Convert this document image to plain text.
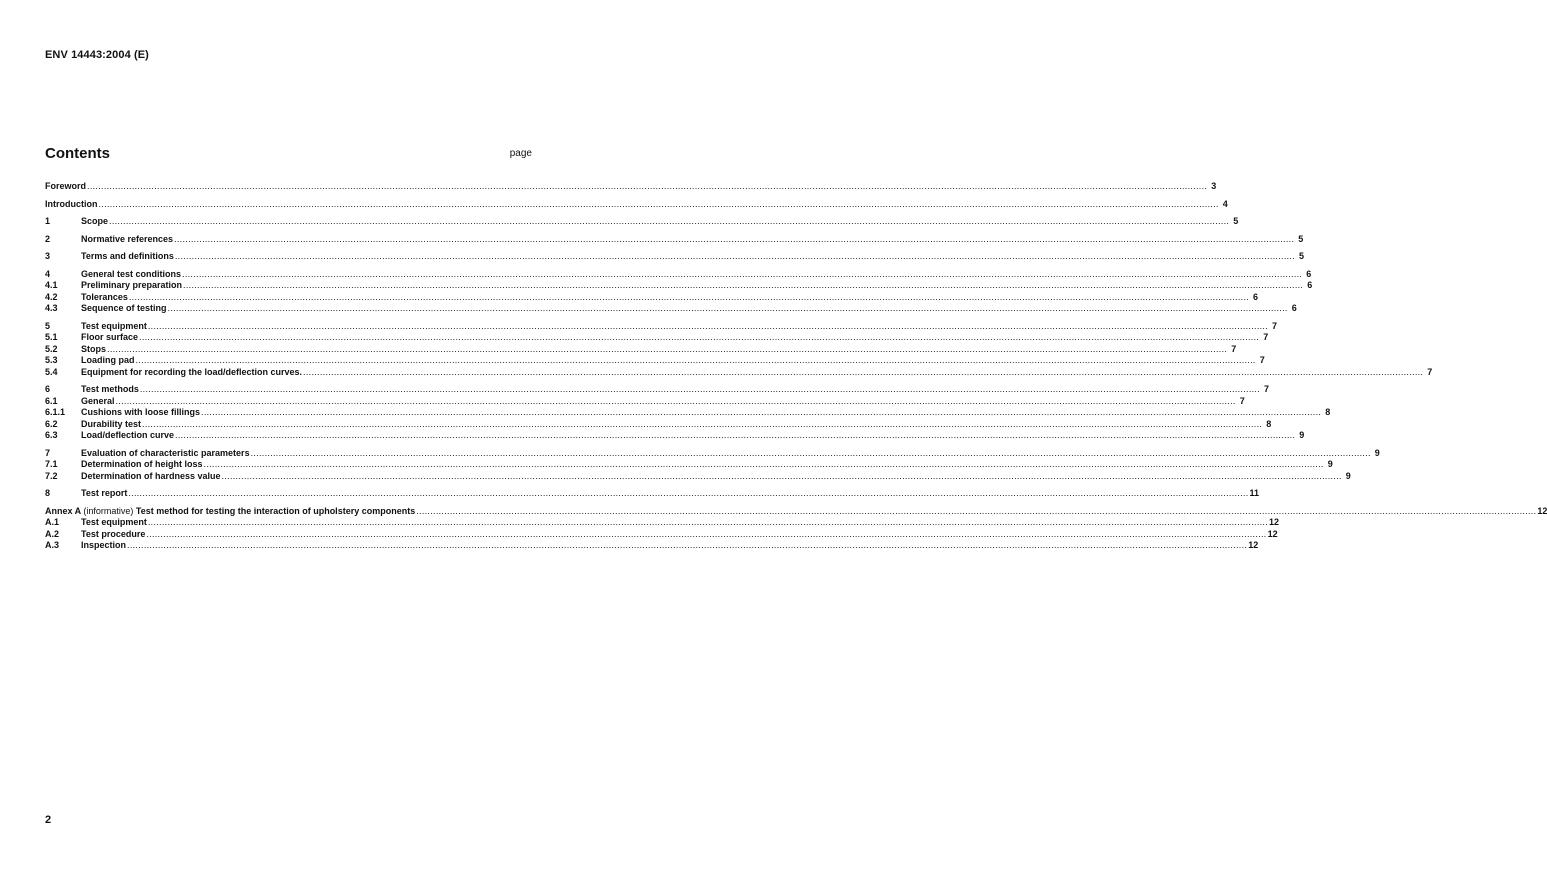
ENV 14443:2004 (E)
Contents	page
Foreword ................................................................................................................................................................................................................................................................................................................................................................................................................ 3
Introduction ................................................................................................................................................................................................................................................................................................................................................................................................................ 4
1	Scope ................................................................................................................................................................................................................................................................................................................................................................................................................ 5
2	Normative references ................................................................................................................................................................................................................................................................................................................................................................................................................ 5
3	Terms and definitions ................................................................................................................................................................................................................................................................................................................................................................................................................ 5
4	General test conditions ................................................................................................................................................................................................................................................................................................................................................................................................................ 6
4.1	Preliminary preparation ................................................................................................................................................................................................................................................................................................................................................................................................................ 6
4.2	Tolerances ................................................................................................................................................................................................................................................................................................................................................................................................................ 6
4.3	Sequence of testing ................................................................................................................................................................................................................................................................................................................................................................................................................ 6
5	Test equipment ................................................................................................................................................................................................................................................................................................................................................................................................................ 7
5.1	Floor surface ................................................................................................................................................................................................................................................................................................................................................................................................................ 7
5.2	Stops ................................................................................................................................................................................................................................................................................................................................................................................................................ 7
5.3	Loading pad ................................................................................................................................................................................................................................................................................................................................................................................................................ 7
5.4	Equipment for recording the load/deflection curves. ................................................................................................................................................................................................................................................................................................................................................................................................................ 7
6	Test methods ................................................................................................................................................................................................................................................................................................................................................................................................................ 7
6.1	General ................................................................................................................................................................................................................................................................................................................................................................................................................ 7
6.1.1	Cushions with loose fillings ................................................................................................................................................................................................................................................................................................................................................................................................................ 8
6.2	Durability test ................................................................................................................................................................................................................................................................................................................................................................................................................ 8
6.3	Load/deflection curve ................................................................................................................................................................................................................................................................................................................................................................................................................ 9
7	Evaluation of characteristic parameters ................................................................................................................................................................................................................................................................................................................................................................................................................ 9
7.1	Determination of height loss ................................................................................................................................................................................................................................................................................................................................................................................................................ 9
7.2	Determination of hardness value ................................................................................................................................................................................................................................................................................................................................................................................................................ 9
8	Test report ................................................................................................................................................................................................................................................................................................................................................................................................................ 11
Annex A (informative) Test method for testing the interaction of upholstery components ................................................................................................................................................................................................................................................................................................................................................................................................................ 12
A.1	Test equipment ................................................................................................................................................................................................................................................................................................................................................................................................................ 12
A.2	Test procedure ................................................................................................................................................................................................................................................................................................................................................................................................................ 12
A.3	Inspection ................................................................................................................................................................................................................................................................................................................................................................................................................ 12
2
